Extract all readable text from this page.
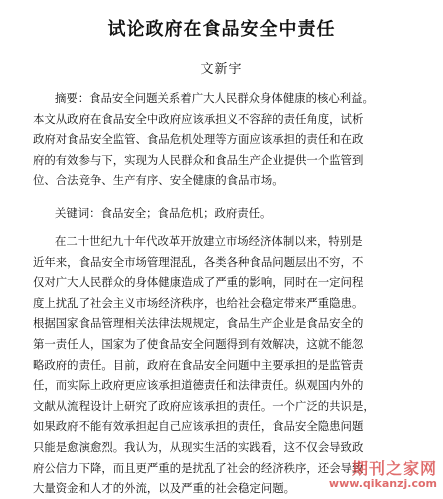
试论政府在食品安全中责任
文新宇
摘要：食品安全问题关系着广大人民群众身体健康的核心利益。
本文从政府在食品安全中政府应该承担义不容辞的责任角度，试析
政府对食品安全监管、食品危机处理等方面应该承担的责任和在政
府的有效参与下，实现为人民群众和食品生产企业提供一个监管到
位、合法竞争、生产有序、安全健康的食品市场。
关键词：食品安全；食品危机；政府责任。
在二十世纪九十年代改革开放建立市场经济体制以来，特别是
近年来，食品安全市场管理混乱，各类各种食品问题层出不穷，不
仅对广大人民群众的身体健康造成了严重的影响，同时在一定问程
度上扰乱了社会主义市场经济秩序，也给社会稳定带来严重隐患。
根据国家食品管理相关法律法规规定，食品生产企业是食品安全的
第一责任人，国家为了使食品安全问题得到有效解决，这就不能忽
略政府的责任。目前，政府在食品安全问题中主要承担的是监管责
任，而实际上政府更应该承担道德责任和法律责任。纵观国内外的
文献从流程设计上研究了政府应该承担的责任。一个广泛的共识是，
如果政府不能有效承担起自己应该承担的责任，食品安全隐患问题
只能是愈演愈烈。我认为，从现实生活的实践看，这不仅会导致政
府公信力下降，而且更严重的是扰乱了社会的经济秩序，还会导致
大量资金和人才的外流，以及严重的社会稳定问题。
期刊之家网
www.qikanzj.com
